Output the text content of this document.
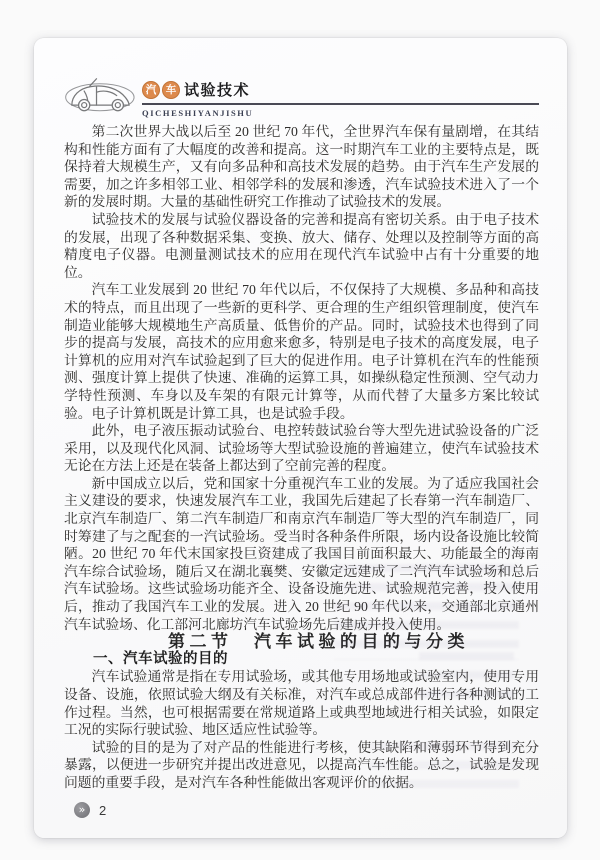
汽 车 试验技术
QICHESHIYANJISHU

第二次世界大战以后至 20 世纪 70 年代，全世界汽车保有量剧增，在其结构和性能方面有了大幅度的改善和提高。这一时期汽车工业的主要特点是，既保持着大规模生产，又有向多品种和高技术发展的趋势。由于汽车生产发展的需要，加之许多相邻工业、相邻学科的发展和渗透，汽车试验技术进入了一个新的发展时期。大量的基础性研究工作推动了试验技术的发展。

试验技术的发展与试验仪器设备的完善和提高有密切关系。由于电子技术的发展，出现了各种数据采集、变换、放大、储存、处理以及控制等方面的高精度电子仪器。电测量测试技术的应用在现代汽车试验中占有十分重要的地位。

汽车工业发展到 20 世纪 70 年代以后，不仅保持了大规模、多品种和高技术的特点，而且出现了一些新的更科学、更合理的生产组织管理制度，使汽车制造业能够大规模地生产高质量、低售价的产品。同时，试验技术也得到了同步的提高与发展，高技术的应用愈来愈多，特别是电子技术的高度发展，电子计算机的应用对汽车试验起到了巨大的促进作用。电子计算机在汽车的性能预测、强度计算上提供了快速、准确的运算工具，如操纵稳定性预测、空气动力学特性预测、车身以及车架的有限元计算等，从而代替了大量多方案比较试验。电子计算机既是计算工具，也是试验手段。

此外，电子液压振动试验台、电控转鼓试验台等大型先进试验设备的广泛采用，以及现代化风洞、试验场等大型试验设施的普遍建立，使汽车试验技术无论在方法上还是在装备上都达到了空前完善的程度。

新中国成立以后，党和国家十分重视汽车工业的发展。为了适应我国社会主义建设的要求，快速发展汽车工业，我国先后建起了长春第一汽车制造厂、北京汽车制造厂、第二汽车制造厂和南京汽车制造厂等大型的汽车制造厂，同时筹建了与之配套的一汽试验场。受当时各种条件所限，场内设备设施比较简陋。20 世纪 70 年代末国家投巨资建成了我国目前面积最大、功能最全的海南汽车综合试验场，随后又在湖北襄樊、安徽定远建成了二汽汽车试验场和总后汽车试验场。这些试验场功能齐全、设备设施先进、试验规范完善，投入使用后，推动了我国汽车工业的发展。进入 20 世纪 90 年代以来，交通部北京通州汽车试验场、化工部河北廊坊汽车试验场先后建成并投入使用。

第二节　汽车试验的目的与分类

一、汽车试验的目的

汽车试验通常是指在专用试验场，或其他专用场地或试验室内，使用专用设备、设施，依照试验大纲及有关标准，对汽车或总成部件进行各种测试的工作过程。当然，也可根据需要在常规道路上或典型地域进行相关试验，如限定工况的实际行驶试验、地区适应性试验等。

试验的目的是为了对产品的性能进行考核，使其缺陷和薄弱环节得到充分暴露，以便进一步研究并提出改进意见，以提高汽车性能。总之，试验是发现问题的重要手段，是对汽车各种性能做出客观评价的依据。

»	2
